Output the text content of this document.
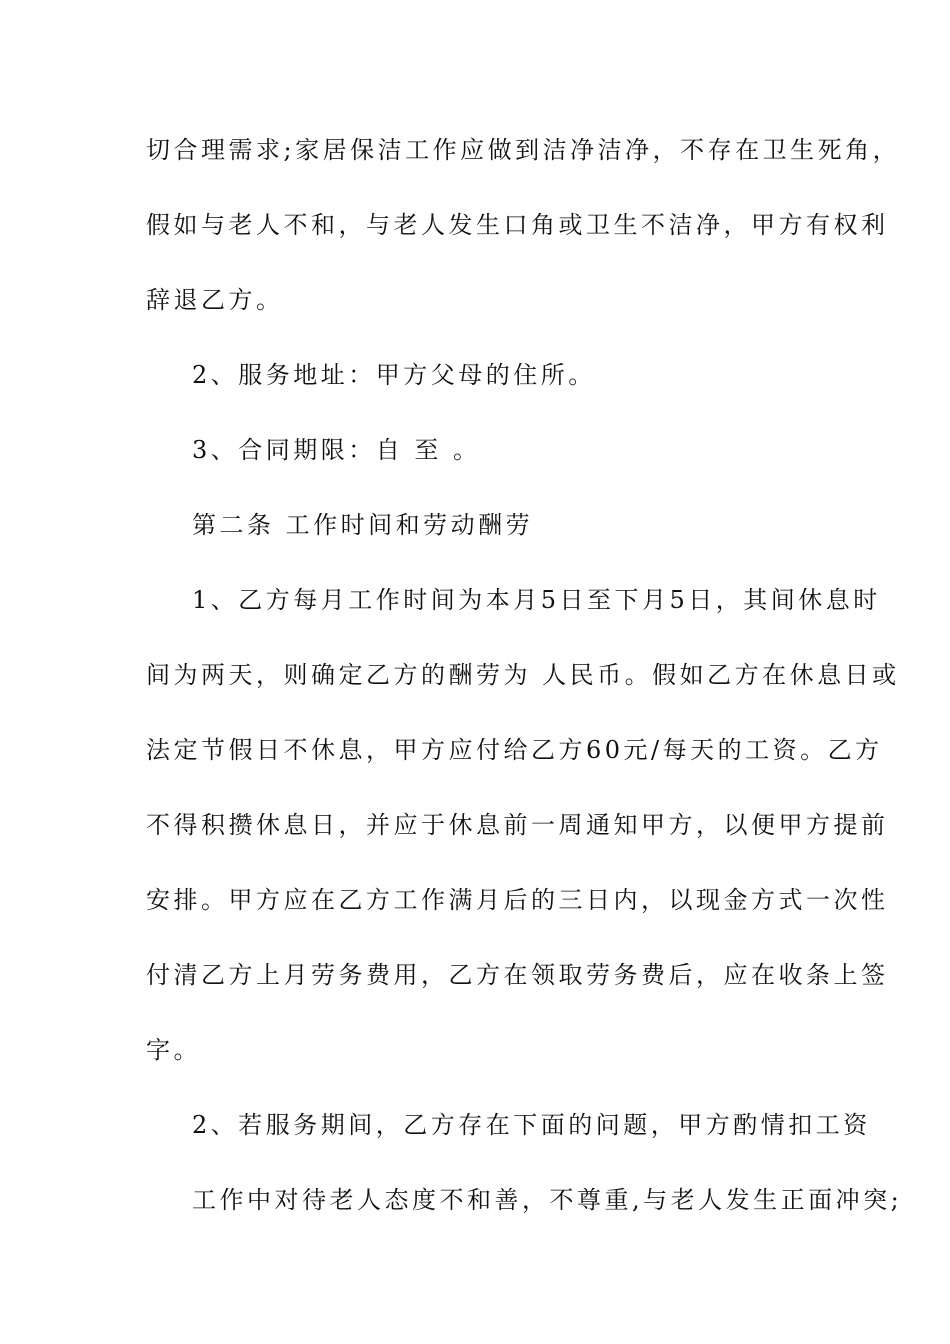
切合理需求;家居保洁工作应做到洁净洁净，不存在卫生死角，
假如与老人不和，与老人发生口角或卫生不洁净，甲方有权利
辞退乙方。
2、服务地址：甲方父母的住所。
3、合同期限：自 至 。
第二条 工作时间和劳动酬劳
1、乙方每月工作时间为本月5日至下月5日，其间休息时
间为两天，则确定乙方的酬劳为 人民币。假如乙方在休息日或
法定节假日不休息，甲方应付给乙方60元/每天的工资。乙方
不得积攒休息日，并应于休息前一周通知甲方，以便甲方提前
安排。甲方应在乙方工作满月后的三日内，以现金方式一次性
付清乙方上月劳务费用，乙方在领取劳务费后，应在收条上签
字。
2、若服务期间，乙方存在下面的问题，甲方酌情扣工资
工作中对待老人态度不和善，不尊重,与老人发生正面冲突;
